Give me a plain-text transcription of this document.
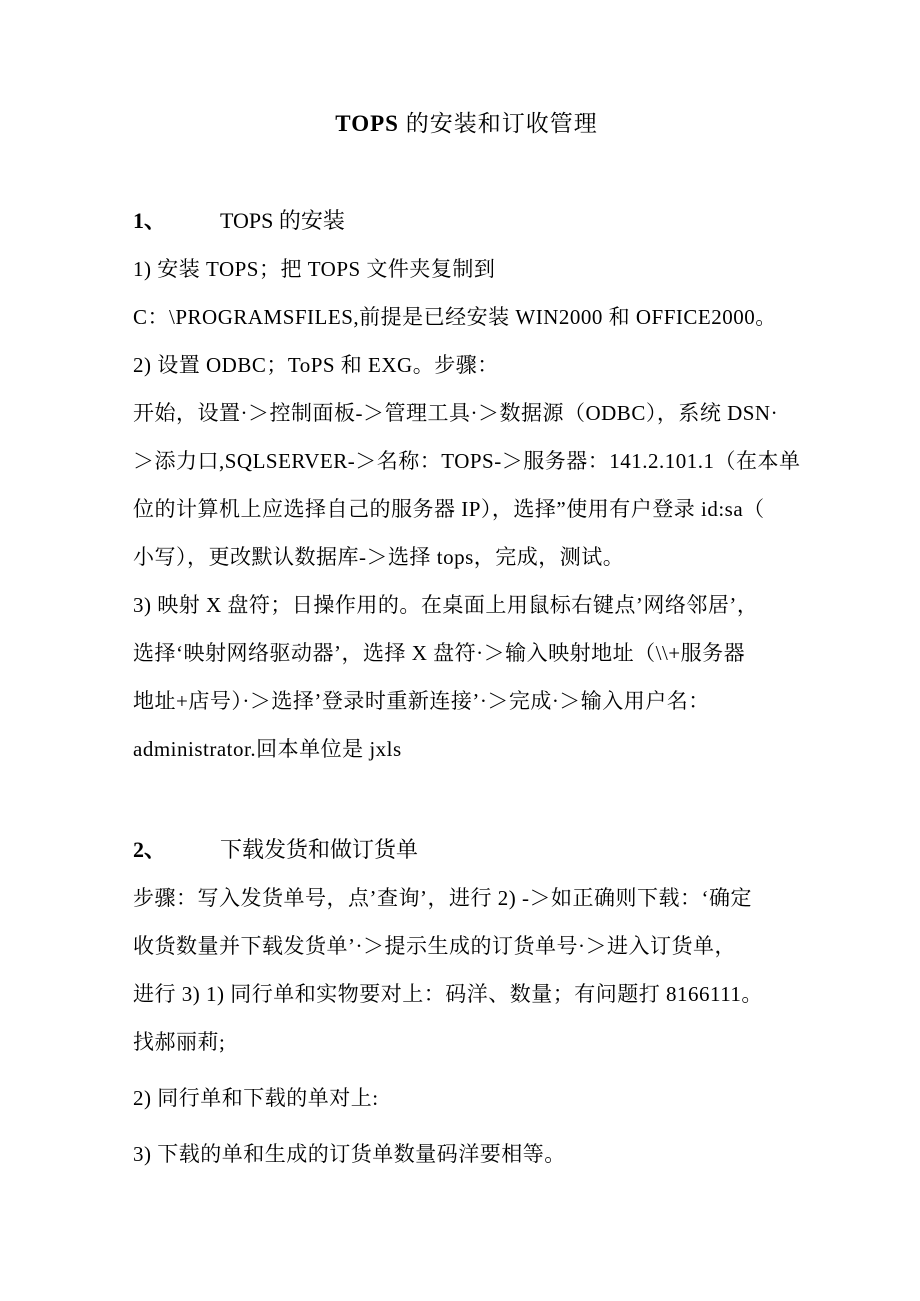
TOPS 的安装和订收管理
1、 TOPS 的安装
1) 安装 TOPS；把 TOPS 文件夹复制到
C：\PROGRAMSFILES,前提是已经安装 WIN2000 和 OFFICE2000。
2) 设置 ODBC；ToPS 和 EXG。步骤：
开始，设置·＞控制面板-＞管理工具·＞数据源（ODBC），系统 DSN·
＞添力口,SQLSERVER-＞名称：TOPS-＞服务器：141.2.101.1（在本单
位的计算机上应选择自己的服务器 IP），选择”使用有户登录 id:sa（
小写），更改默认数据库-＞选择 tops，完成，测试。
3) 映射 X 盘符；日操作用的。在桌面上用鼠标右键点’网络邻居’，
选择‘映射网络驱动器’，选择 X 盘符·＞输入映射地址（\\+服务器
地址+店号）·＞选择’登录时重新连接’·＞完成·＞输入用户名：
administrator.回本单位是 jxls
2、 下载发货和做订货单
步骤：写入发货单号，点’查询’，进行 2) -＞如正确则下载：‘确定
收货数量并下载发货单’·＞提示生成的订货单号·＞进入订货单，
进行 3) 1) 同行单和实物要对上：码洋、数量；有问题打 8166111。
找郝丽莉;
2) 同行单和下载的单对上:
3) 下载的单和生成的订货单数量码洋要相等。
